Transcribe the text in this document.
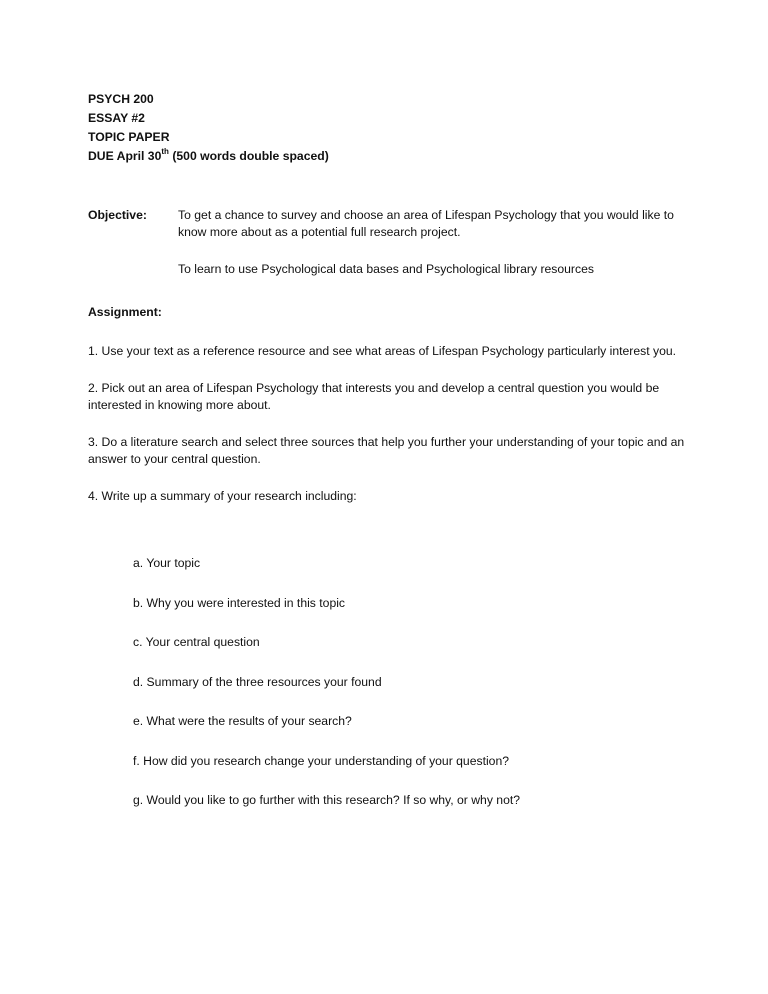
PSYCH 200
ESSAY #2
TOPIC PAPER
DUE April 30th (500 words double spaced)
Objective:	To get a chance to survey and choose an area of Lifespan Psychology that you would like to know more about as a potential full research project.

To learn to use Psychological data bases and Psychological library resources

Assignment:

1. Use your text as a reference resource and see what areas of Lifespan Psychology particularly interest you.

2. Pick out an area of Lifespan Psychology that interests you and develop a central question you would be interested in knowing more about.

3. Do a literature search and select three sources that help you further your understanding of your topic and an answer to your central question.

4. Write up a summary of your research including:

a. Your topic

b. Why you were interested in this topic

c. Your central question

d. Summary of the three resources your found

e. What were the results of your search?

f. How did you research change your understanding of your question?

g. Would you like to go further with this research? If so why, or why not?
